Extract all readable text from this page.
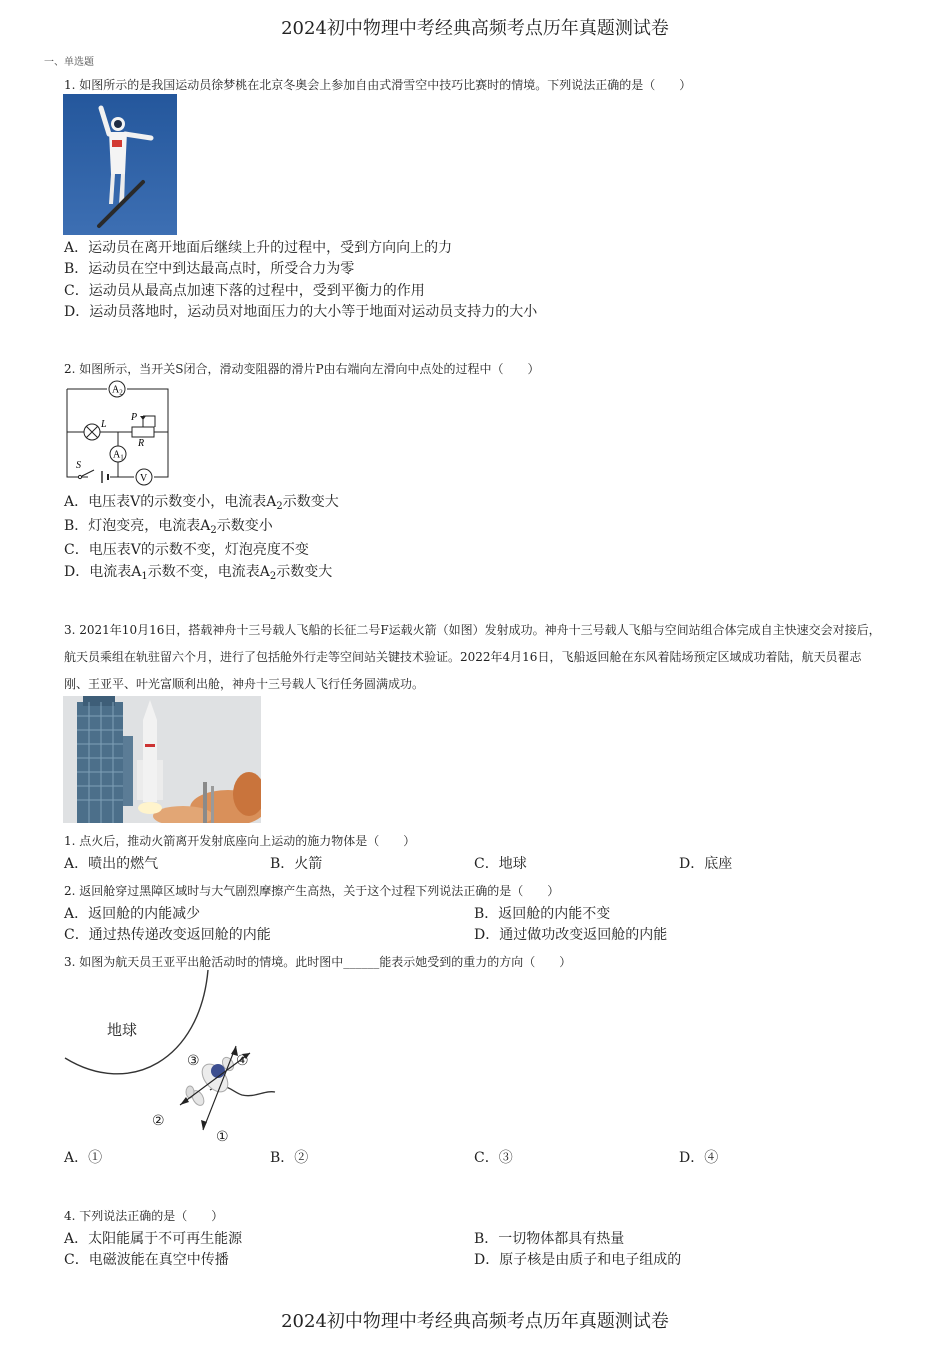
2024初中物理中考经典高频考点历年真题测试卷
一、单选题
1. 如图所示的是我国运动员徐梦桃在北京冬奥会上参加自由式滑雪空中技巧比赛时的情境。下列说法正确的是（　　）
A．运动员在离开地面后继续上升的过程中，受到方向向上的力
B．运动员在空中到达最高点时，所受合力为零
C．运动员从最高点加速下落的过程中，受到平衡力的作用
D．运动员落地时，运动员对地面压力的大小等于地面对运动员支持力的大小
2. 如图所示，当开关S闭合，滑动变阻器的滑片P由右端向左滑向中点处的过程中（　　）
$A_2$
$A_1$
V
L
P
R
S
A．电压表V的示数变小，电流表$A_2$示数变大
B．灯泡变亮，电流表$A_2$示数变小
C．电压表V的示数不变，灯泡亮度不变
D．电流表$A_1$示数不变，电流表$A_2$示数变大
3. 2021年10月16日，搭载神舟十三号载人飞船的长征二号F运载火箭（如图）发射成功。神舟十三号载人飞船与空间站组合体完成自主快速交会对接后，航天员乘组在轨驻留六个月，进行了包括舱外行走等空间站关键技术验证。2022年4月16日，飞船返回舱在东风着陆场预定区域成功着陆，航天员翟志刚、王亚平、叶光富顺利出舱，神舟十三号载人飞行任务圆满成功。
1. 点火后，推动火箭离开发射底座向上运动的施力物体是（　　）
A．喷出的燃气	B．火箭	C．地球	D．底座
2. 返回舱穿过黑障区域时与大气剧烈摩擦产生高热，关于这个过程下列说法正确的是（　　）
A．返回舱的内能减少	B．返回舱的内能不变
C．通过热传递改变返回舱的内能	D．通过做功改变返回舱的内能
3. 如图为航天员王亚平出舱活动时的情境。此时图中______能表示她受到的重力的方向（　　）
地球
③	④
②
①
A．①	B．②	C．③	D．④
4. 下列说法正确的是（　　）
A．太阳能属于不可再生能源	B．一切物体都具有热量
C．电磁波能在真空中传播	D．原子核是由质子和电子组成的
2024初中物理中考经典高频考点历年真题测试卷
